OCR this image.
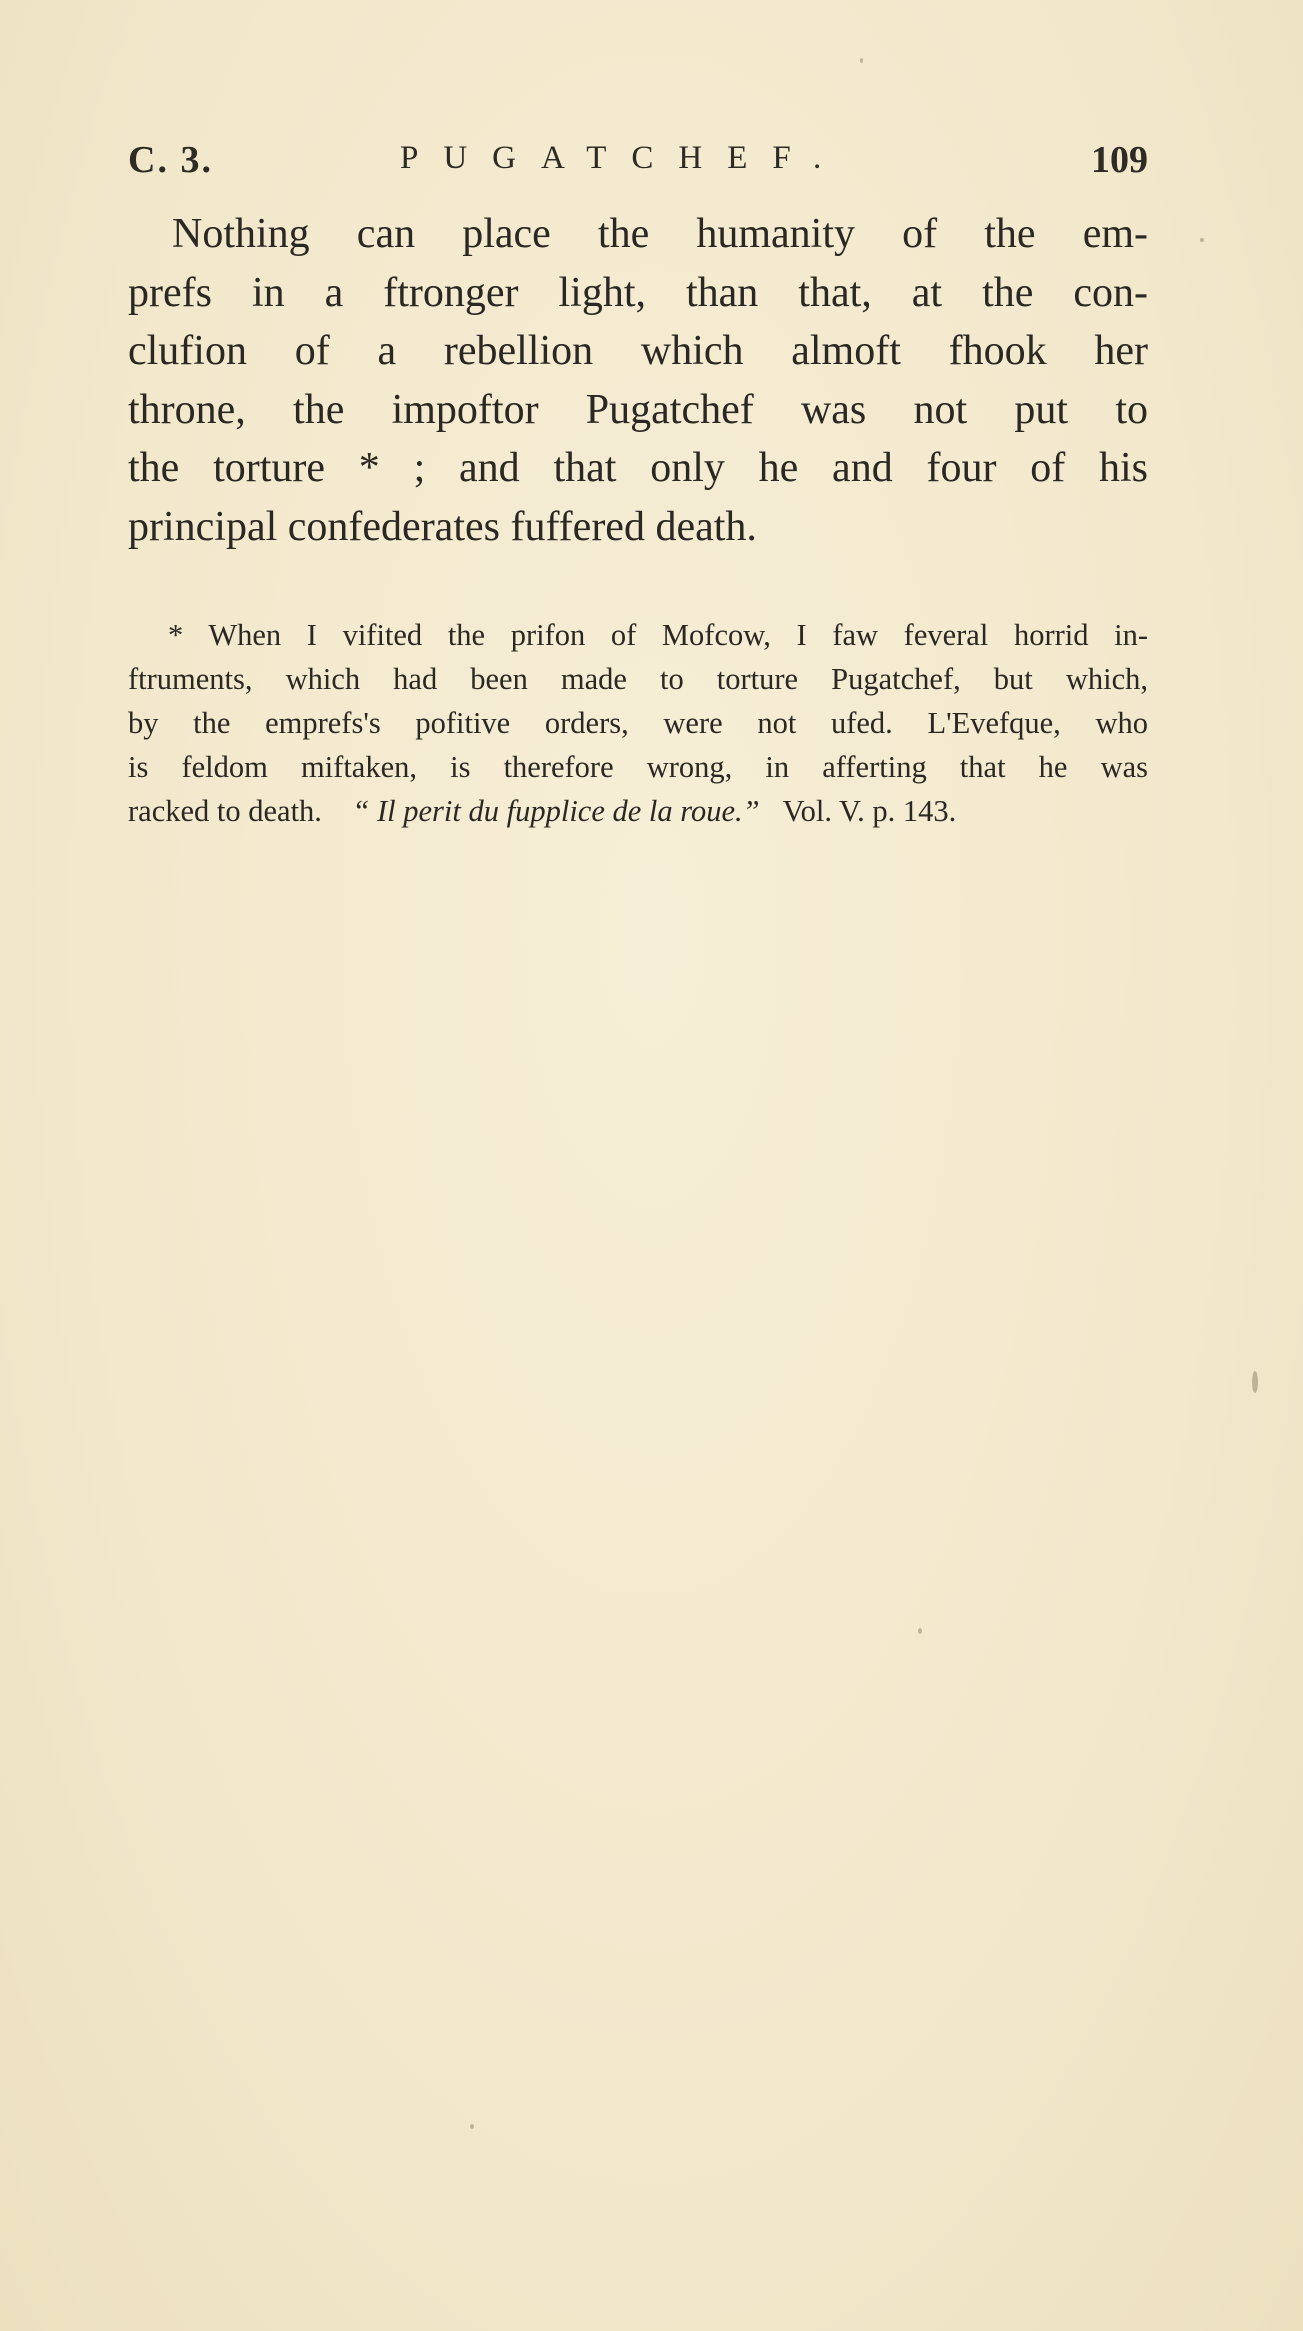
C. 3.	PUGATCHEF.	109
Nothing can place the humanity of the em-
prefs in a ftronger light, than that, at the con-
clufion of a rebellion which almoft fhook her
throne, the impoftor Pugatchef was not put to
the torture * ; and that only he and four of his
principal confederates fuffered death.
* When I vifited the prifon of Mofcow, I faw feveral horrid in-
ftruments, which had been made to torture Pugatchef, but which,
by the emprefs's pofitive orders, were not ufed. L'Evefque, who
is feldom miftaken, is therefore wrong, in afferting that he was
racked to death. “ Il perit du fupplice de la roue.” Vol. V. p. 143.
